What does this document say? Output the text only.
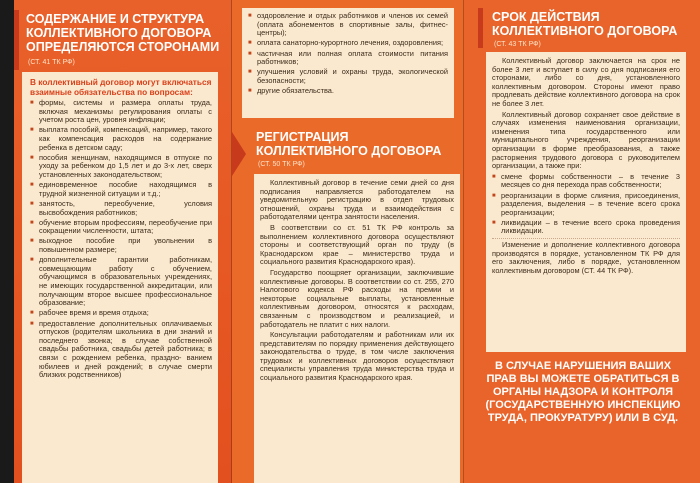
СОДЕРЖАНИЕ И СТРУКТУРА КОЛЛЕКТИВНОГО ДОГОВОРА ОПРЕДЕЛЯЮТСЯ СТОРОНАМИ
(СТ. 41 ТК РФ)
В коллективный договор могут включаться взаимные обязательства по вопросам:
■ формы, системы и размера оплаты труда, включая механизмы регулирования оплаты с учетом роста цен, уровня инфляции;
■ выплата пособий, компенсаций, например, такого как компенсация расходов на содержание ребенка в детском саду;
■ пособия женщинам, находящимся в отпуске по уходу за ребенком до 1,5 лет и до 3-х лет, сверх установленных законодательством;
■ единовременное пособие находящимся в трудной жизненной ситуации и т.д.;
■ занятость, переобучение, условия высвобождения работников;
■ обучение вторым профессиям, переобучение при сокращении численности, штата;
■ выходное пособие при увольнении в повышенном размере;
■ дополнительные гарантии работникам, совмещающим работу с обучением, обучающимся в образовательных учреждениях, не имеющих государственной аккредитации, или получающим второе высшее профессиональное образование;
■ рабочее время и время отдыха;
■ предоставление дополнительных оплачиваемых отпусков (родителям школьника в дни знаний и последнего звонка; в случае собственной свадьбы работника, свадьбы детей работника; в связи с рождением ребенка, праздно- ванием юбилеев и дней рождений; в случае смерти близких родственников)
■ оздоровление и отдых работников и членов их семей (оплата абонементов в спортивные залы, фитнес-центры);
■ оплата санаторно-курортного лечения, оздоровления;
■ частичная или полная оплата стоимости питания работников;
■ улучшения условий и охраны труда, экологической безопасности;
■ другие обязательства.
РЕГИСТРАЦИЯ КОЛЛЕКТИВНОГО ДОГОВОРА
(СТ. 50 ТК РФ)

Коллективный договор в течение семи дней со дня подписания направляется работодателем на уведомительную регистрацию в отдел трудовых отношений, охраны труда и взаимодействия с работодателями центра занятости населения.

В соответствии со ст. 51 ТК РФ контроль за выполнением коллективного договора осуществляют стороны и соответствующий орган по труду (в Краснодарском крае – министерство труда и социального развития Краснодарского края).

Государство поощряет организации, заключившие коллективные договоры. В соответствии со ст. 255, 270 Налогового кодекса РФ расходы на премии и некоторые социальные выплаты, установленные коллективным договором, относятся к расходам, связанным с производством и реализацией, и работодатель не платит с них налоги.

Консультации работодателям и работникам или их представителям по порядку применения действующего законодательства о труде, в том числе заключения трудовых и коллективных договоров осуществляют специалисты управления труда министерства труда и социального развития Краснодарского края.

СРОК ДЕЙСТВИЯ КОЛЛЕКТИВНОГО ДОГОВОРА
(СТ. 43 ТК РФ)

Коллективный договор заключается на срок не более 3 лет и вступает в силу со дня подписания его сторонами, либо со дня, установленного коллективным договором. Стороны имеют право продлевать действие коллективного договора на срок не более 3 лет.

Коллективный договор сохраняет свое действие в случаях изменения наименования организации, изменения типа государственного или муниципального учреждения, реорганизации организации в форме преобразования, а также расторжения трудового договора с руководителем организации, а также при:

■ смене формы собственности – в течение 3 месяцев со дня перехода прав собственности;
■ реорганизации в форме слияния, присоединения, разделения, выделения – в течение всего срока реорганизации;
■ ликвидации – в течение всего срока проведения ликвидации.

Изменение и дополнение коллективного договора производятся в порядке, установленном ТК РФ для его заключения, либо в порядке, установленном коллективным договором (СТ. 44 ТК РФ).

В СЛУЧАЕ НАРУШЕНИЯ ВАШИХ ПРАВ ВЫ МОЖЕТЕ ОБРАТИТЬСЯ В ОРГАНЫ НАДЗОРА И КОНТРОЛЯ (ГОСУДАРСТВЕННУЮ ИНСПЕКЦИЮ ТРУДА, ПРОКУРАТУРУ) ИЛИ В СУД.
